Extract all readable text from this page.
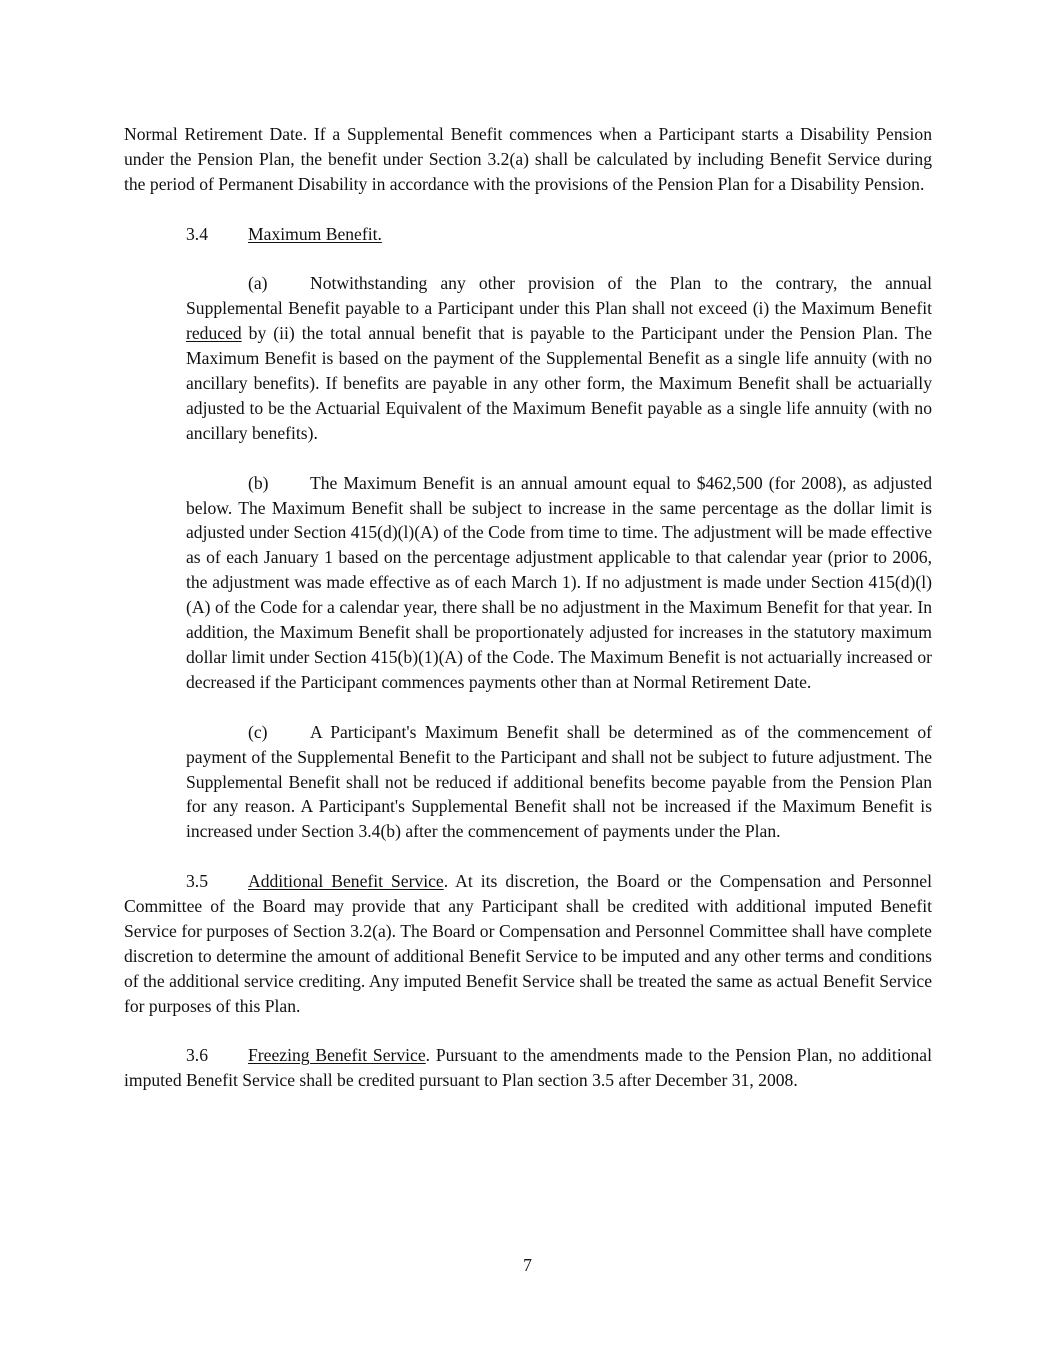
Normal Retirement Date. If a Supplemental Benefit commences when a Participant starts a Disability Pension under the Pension Plan, the benefit under Section 3.2(a) shall be calculated by including Benefit Service during the period of Permanent Disability in accordance with the provisions of the Pension Plan for a Disability Pension.

3.4 Maximum Benefit.

(a) Notwithstanding any other provision of the Plan to the contrary, the annual Supplemental Benefit payable to a Participant under this Plan shall not exceed (i) the Maximum Benefit reduced by (ii) the total annual benefit that is payable to the Participant under the Pension Plan. The Maximum Benefit is based on the payment of the Supplemental Benefit as a single life annuity (with no ancillary benefits). If benefits are payable in any other form, the Maximum Benefit shall be actuarially adjusted to be the Actuarial Equivalent of the Maximum Benefit payable as a single life annuity (with no ancillary benefits).

(b) The Maximum Benefit is an annual amount equal to $462,500 (for 2008), as adjusted below. The Maximum Benefit shall be subject to increase in the same percentage as the dollar limit is adjusted under Section 415(d)(l)(A) of the Code from time to time. The adjustment will be made effective as of each January 1 based on the percentage adjustment applicable to that calendar year (prior to 2006, the adjustment was made effective as of each March 1). If no adjustment is made under Section 415(d)(l)(A) of the Code for a calendar year, there shall be no adjustment in the Maximum Benefit for that year. In addition, the Maximum Benefit shall be proportionately adjusted for increases in the statutory maximum dollar limit under Section 415(b)(1)(A) of the Code. The Maximum Benefit is not actuarially increased or decreased if the Participant commences payments other than at Normal Retirement Date.

(c) A Participant's Maximum Benefit shall be determined as of the commencement of payment of the Supplemental Benefit to the Participant and shall not be subject to future adjustment. The Supplemental Benefit shall not be reduced if additional benefits become payable from the Pension Plan for any reason. A Participant's Supplemental Benefit shall not be increased if the Maximum Benefit is increased under Section 3.4(b) after the commencement of payments under the Plan.

3.5 Additional Benefit Service. At its discretion, the Board or the Compensation and Personnel Committee of the Board may provide that any Participant shall be credited with additional imputed Benefit Service for purposes of Section 3.2(a). The Board or Compensation and Personnel Committee shall have complete discretion to determine the amount of additional Benefit Service to be imputed and any other terms and conditions of the additional service crediting. Any imputed Benefit Service shall be treated the same as actual Benefit Service for purposes of this Plan.

3.6 Freezing Benefit Service. Pursuant to the amendments made to the Pension Plan, no additional imputed Benefit Service shall be credited pursuant to Plan section 3.5 after December 31, 2008.

7
